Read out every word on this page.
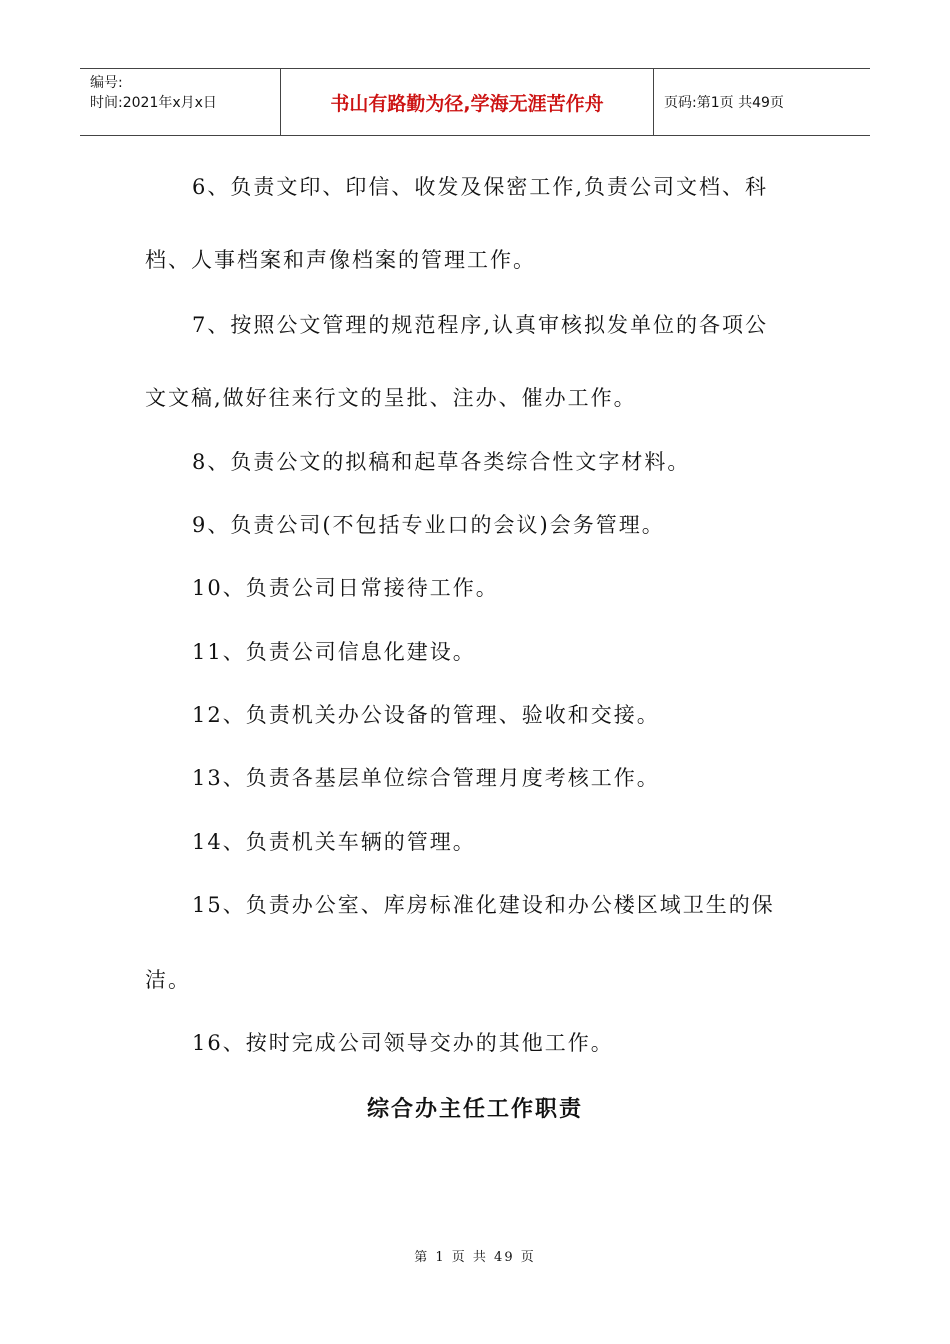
编号:
时间:2021年x月x日	书山有路勤为径,学海无涯苦作舟	页码:第1页 共49页
6、负责文印、印信、收发及保密工作,负责公司文档、科
档、人事档案和声像档案的管理工作。
7、按照公文管理的规范程序,认真审核拟发单位的各项公
文文稿,做好往来行文的呈批、注办、催办工作。
8、负责公文的拟稿和起草各类综合性文字材料。
9、负责公司(不包括专业口的会议)会务管理。
10、负责公司日常接待工作。
11、负责公司信息化建设。
12、负责机关办公设备的管理、验收和交接。
13、负责各基层单位综合管理月度考核工作。
14、负责机关车辆的管理。
15、负责办公室、库房标准化建设和办公楼区域卫生的保
洁。
16、按时完成公司领导交办的其他工作。
综合办主任工作职责
第 1 页 共 49 页
